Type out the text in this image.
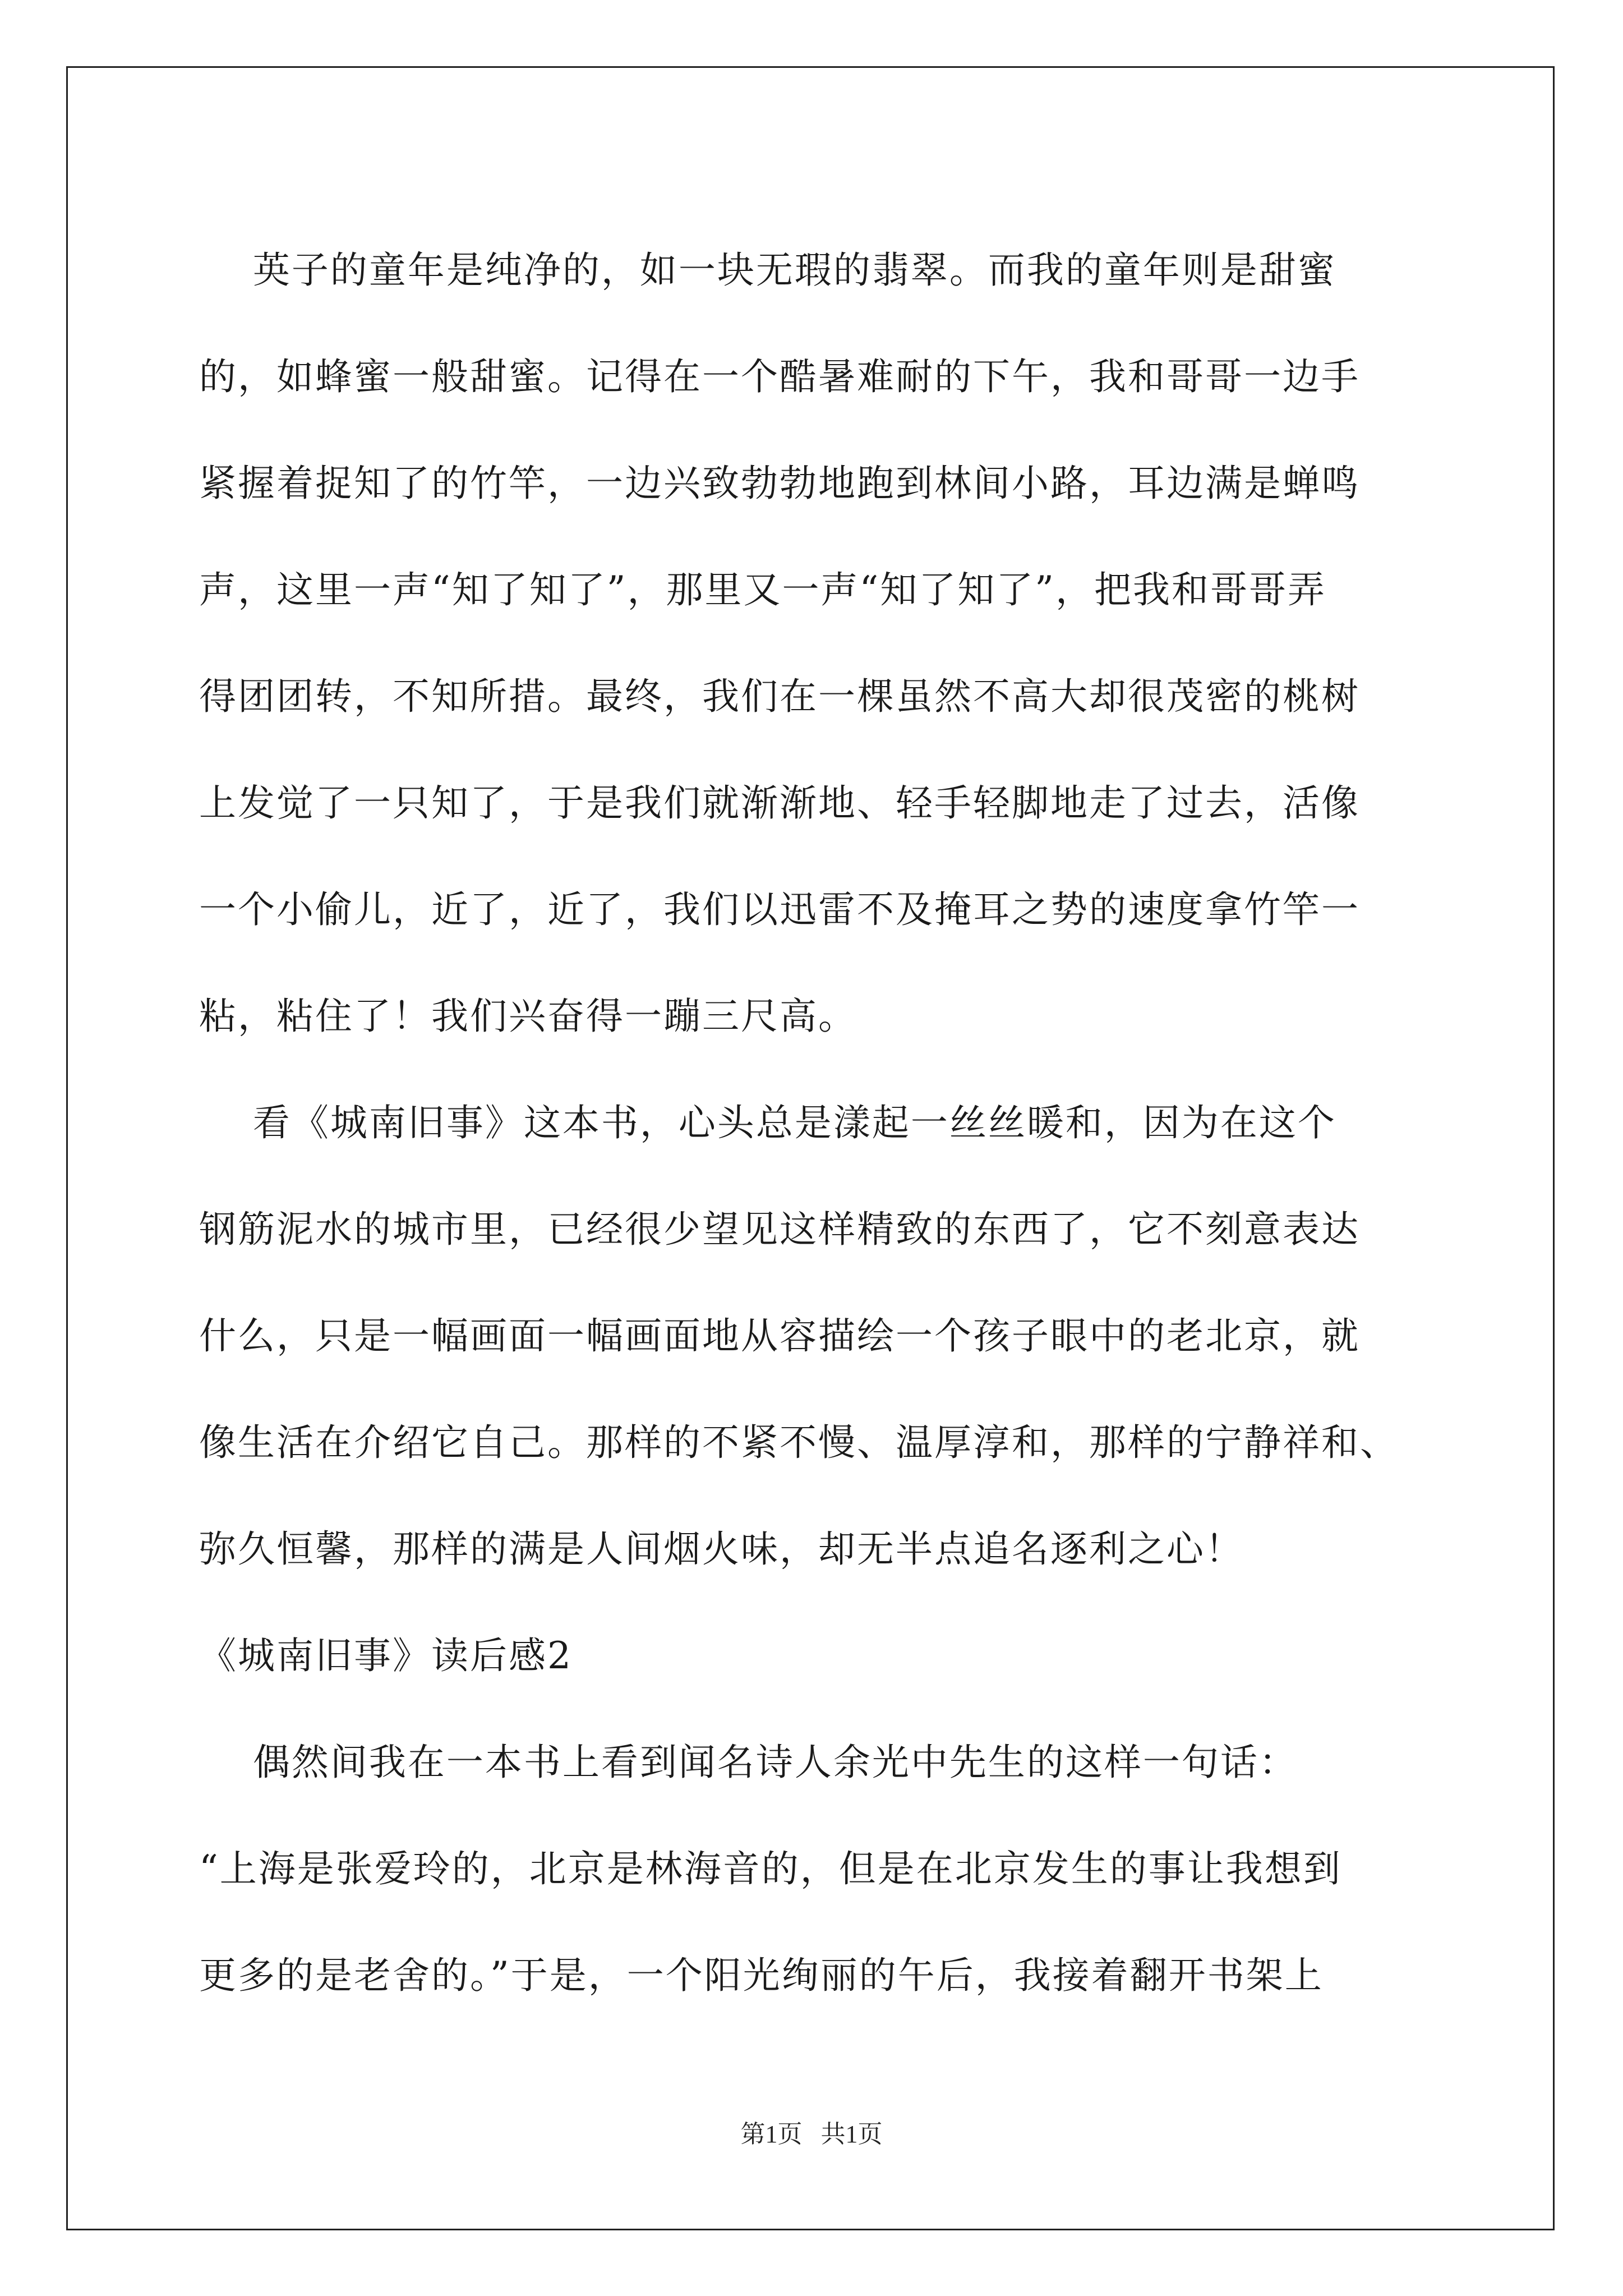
英子的童年是纯净的，如一块无瑕的翡翠。而我的童年则是甜蜜
的，如蜂蜜一般甜蜜。记得在一个酷暑难耐的下午，我和哥哥一边手
紧握着捉知了的竹竿，一边兴致勃勃地跑到林间小路，耳边满是蝉鸣
声，这里一声“知了知了”，那里又一声“知了知了”，把我和哥哥弄
得团团转，不知所措。最终，我们在一棵虽然不高大却很茂密的桃树
上发觉了一只知了，于是我们就渐渐地、轻手轻脚地走了过去，活像
一个小偷儿，近了，近了，我们以迅雷不及掩耳之势的速度拿竹竿一
粘，粘住了！我们兴奋得一蹦三尺高。
看《城南旧事》这本书，心头总是漾起一丝丝暖和，因为在这个
钢筋泥水的城市里，已经很少望见这样精致的东西了，它不刻意表达
什么，只是一幅画面一幅画面地从容描绘一个孩子眼中的老北京，就
像生活在介绍它自己。那样的不紧不慢、温厚淳和，那样的宁静祥和、
弥久恒馨，那样的满是人间烟火味，却无半点追名逐利之心！
《城南旧事》读后感2
偶然间我在一本书上看到闻名诗人余光中先生的这样一句话：
“上海是张爱玲的，北京是林海音的，但是在北京发生的事让我想到
更多的是老舍的。”于是，一个阳光绚丽的午后，我接着翻开书架上
第1页   共1页
